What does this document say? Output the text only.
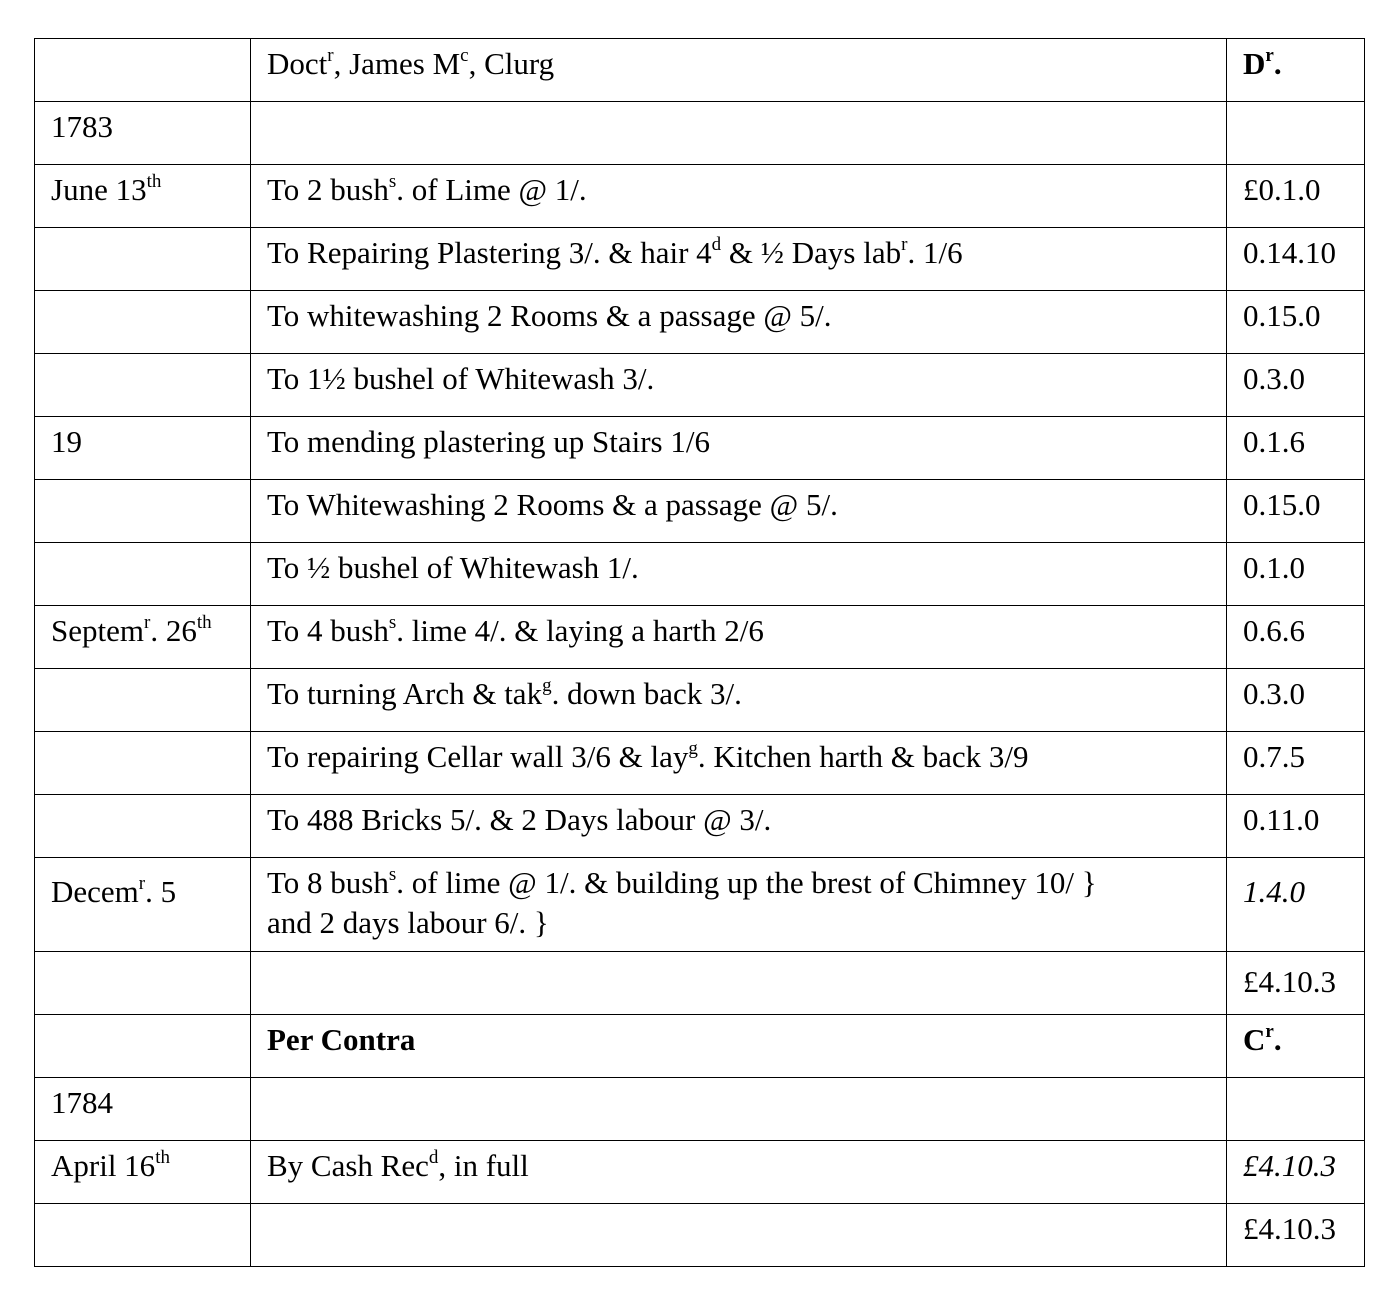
	Doct$^r$, James $M^c$, Clurg	$D^r$.
1783		
June 13th	To 2 bush$^s$. of Lime @ 1/.	£0.1.0
	To Repairing Plastering 3/. & hair 4$^d$ & ½ Days lab$^r$. 1/6	0.14.10
	To whitewashing 2 Rooms & a passage @ 5/.	0.15.0
	To 1½ bushel of Whitewash 3/.	0.3.0
19	To mending plastering up Stairs 1/6	0.1.6
	To Whitewashing 2 Rooms & a passage @ 5/.	0.15.0
	To ½ bushel of Whitewash 1/.	0.1.0
Septem$^r$. 26th	To 4 bush$^s$. lime 4/. & laying a harth 2/6	0.6.6
	To turning Arch & tak$^g$. down back 3/.	0.3.0
	To repairing Cellar wall 3/6 & lay$^g$. Kitchen harth & back 3/9	0.7.5
	To 488 Bricks 5/. & 2 Days labour @ 3/.	0.11.0
Decem$^r$. 5	To 8 bush$^s$. of lime @ 1/. & building up the brest of Chimney 10/ }
and 2 days labour 6/. }	1.4.0
		£4.10.3
	Per Contra	$C^r$.
1784		
April 16th	By Cash Rec$^d$, in full	£4.10.3
		£4.10.3
